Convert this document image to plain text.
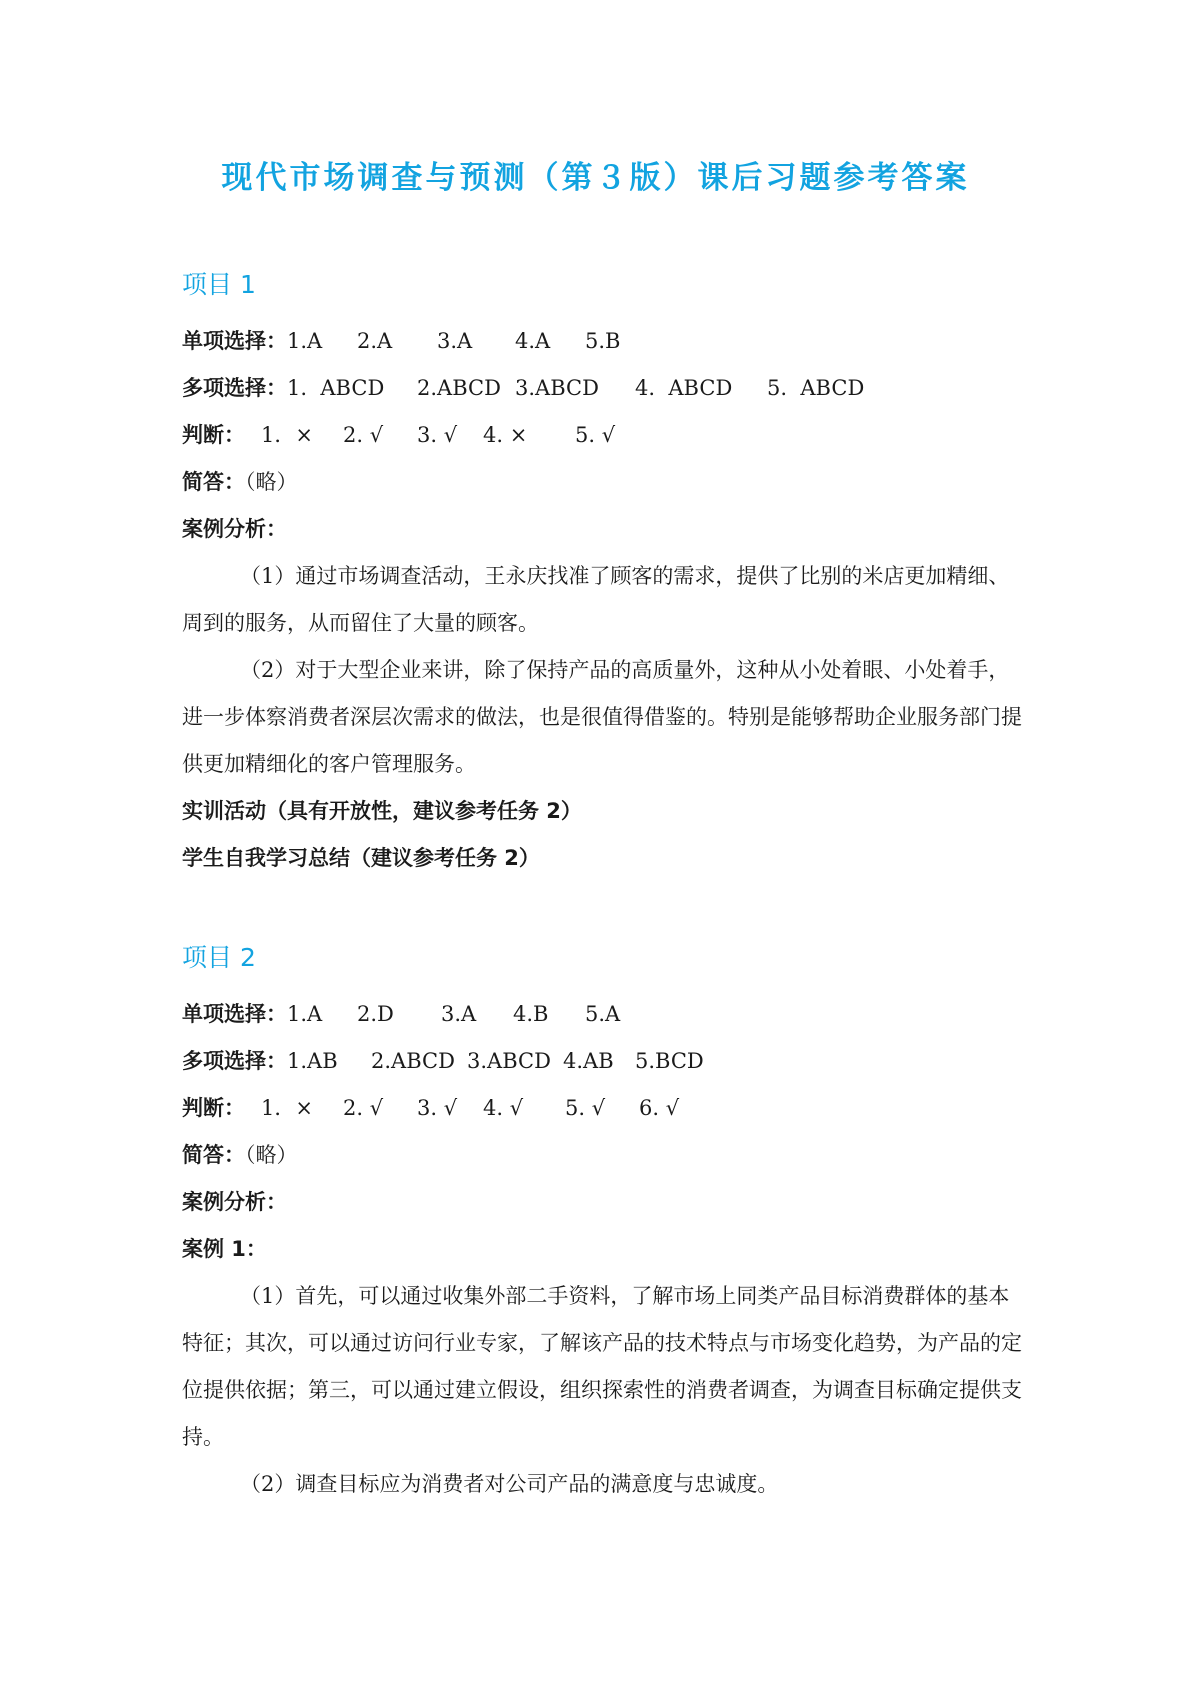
现代市场调查与预测（第３版）课后习题参考答案
项目 1
单项选择：1.A 2.A 3.A 4.A 5.B
多项选择：1.  ABCD 2.ABCD 3.ABCD 4.  ABCD 5.  ABCD
判断： 1．× 2. √ 3. √ 4. × 5. √
简答：（略）
案例分析：

（1）通过市场调查活动，王永庆找准了顾客的需求，提供了比别的米店更加精细、周到的服务，从而留住了大量的顾客。

（2）对于大型企业来讲，除了保持产品的高质量外，这种从小处着眼、小处着手，进一步体察消费者深层次需求的做法，也是很值得借鉴的。特别是能够帮助企业服务部门提供更加精细化的客户管理服务。

实训活动（具有开放性，建议参考任务 2）
学生自我学习总结（建议参考任务 2）
项目 2
单项选择：1.A 2.D 3.A 4.B 5.A
多项选择：1.AB 2.ABCD 3.ABCD 4.AB 5.BCD
判断： 1．× 2. √ 3. √ 4. √ 5. √ 6. √
简答：（略）
案例分析：
案例 1：

（1）首先，可以通过收集外部二手资料，了解市场上同类产品目标消费群体的基本特征；其次，可以通过访问行业专家，了解该产品的技术特点与市场变化趋势，为产品的定位提供依据；第三，可以通过建立假设，组织探索性的消费者调查，为调查目标确定提供支持。

（2）调查目标应为消费者对公司产品的满意度与忠诚度。
